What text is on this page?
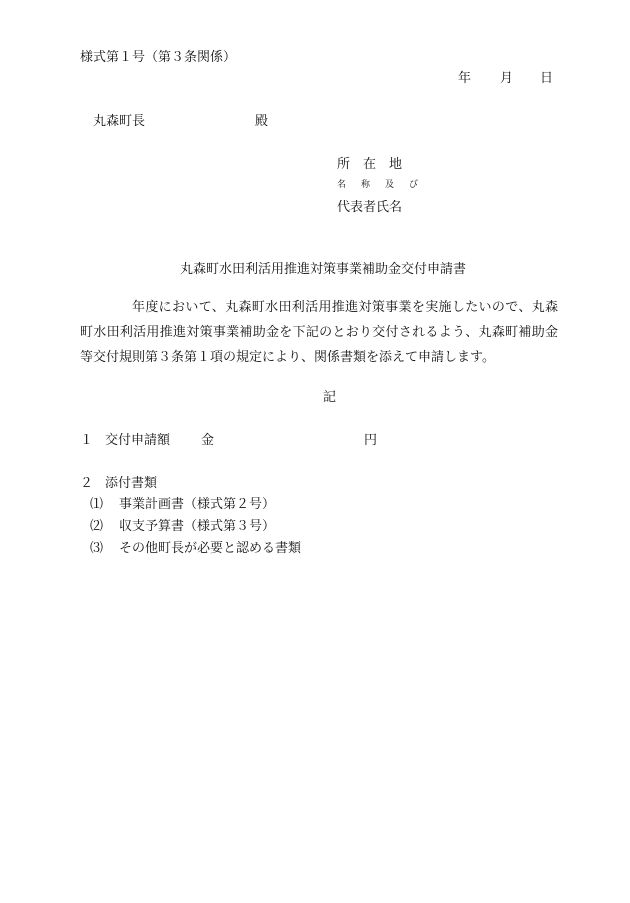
様式第１号（第３条関係）
年 月 日
丸森町長	殿
所　在　地
名　称　及　び
代表者氏名
丸森町水田利活用推進対策事業補助金交付申請書
年度において、丸森町水田利活用推進対策事業を実施したいので、丸森町水田利活用推進対策事業補助金を下記のとおり交付されるよう、丸森町補助金等交付規則第３条第１項の規定により、関係書類を添えて申請します。
記
１ 交付申請額 金	円
２ 添付書類
⑴ 事業計画書（様式第２号）
⑵ 収支予算書（様式第３号）
⑶ その他町長が必要と認める書類
